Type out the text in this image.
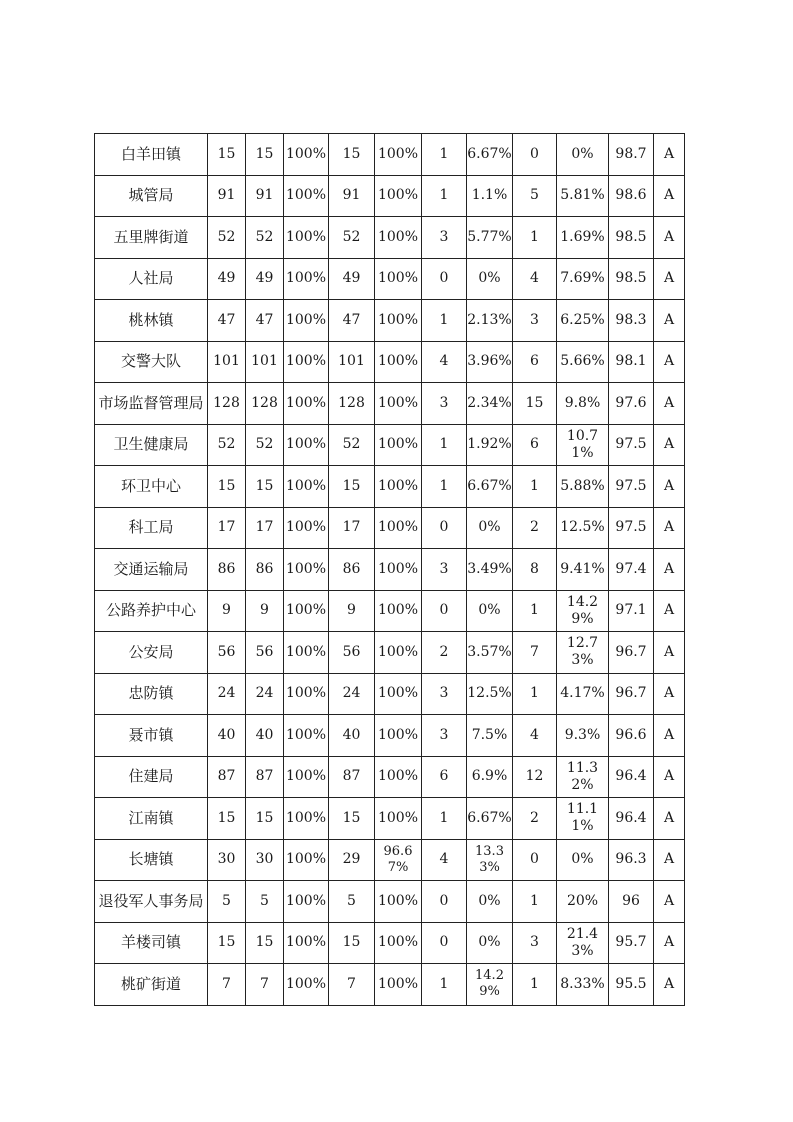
白羊田镇	15	15	100%	15	100%	1	6.67%	0	0%	98.7	A
城管局	91	91	100%	91	100%	1	1.1%	5	5.81%	98.6	A
五里牌街道	52	52	100%	52	100%	3	5.77%	1	1.69%	98.5	A
人社局	49	49	100%	49	100%	0	0%	4	7.69%	98.5	A
桃林镇	47	47	100%	47	100%	1	2.13%	3	6.25%	98.3	A
交警大队	101	101	100%	101	100%	4	3.96%	6	5.66%	98.1	A
市场监督管理局	128	128	100%	128	100%	3	2.34%	15	9.8%	97.6	A
卫生健康局	52	52	100%	52	100%	1	1.92%	6	10.71%	97.5	A
环卫中心	15	15	100%	15	100%	1	6.67%	1	5.88%	97.5	A
科工局	17	17	100%	17	100%	0	0%	2	12.5%	97.5	A
交通运输局	86	86	100%	86	100%	3	3.49%	8	9.41%	97.4	A
公路养护中心	9	9	100%	9	100%	0	0%	1	14.29%	97.1	A
公安局	56	56	100%	56	100%	2	3.57%	7	12.73%	96.7	A
忠防镇	24	24	100%	24	100%	3	12.5%	1	4.17%	96.7	A
聂市镇	40	40	100%	40	100%	3	7.5%	4	9.3%	96.6	A
住建局	87	87	100%	87	100%	6	6.9%	12	11.32%	96.4	A
江南镇	15	15	100%	15	100%	1	6.67%	2	11.11%	96.4	A
长塘镇	30	30	100%	29	96.67%	4	13.33%	0	0%	96.3	A
退役军人事务局	5	5	100%	5	100%	0	0%	1	20%	96	A
羊楼司镇	15	15	100%	15	100%	0	0%	3	21.43%	95.7	A
桃矿街道	7	7	100%	7	100%	1	14.29%	1	8.33%	95.5	A
